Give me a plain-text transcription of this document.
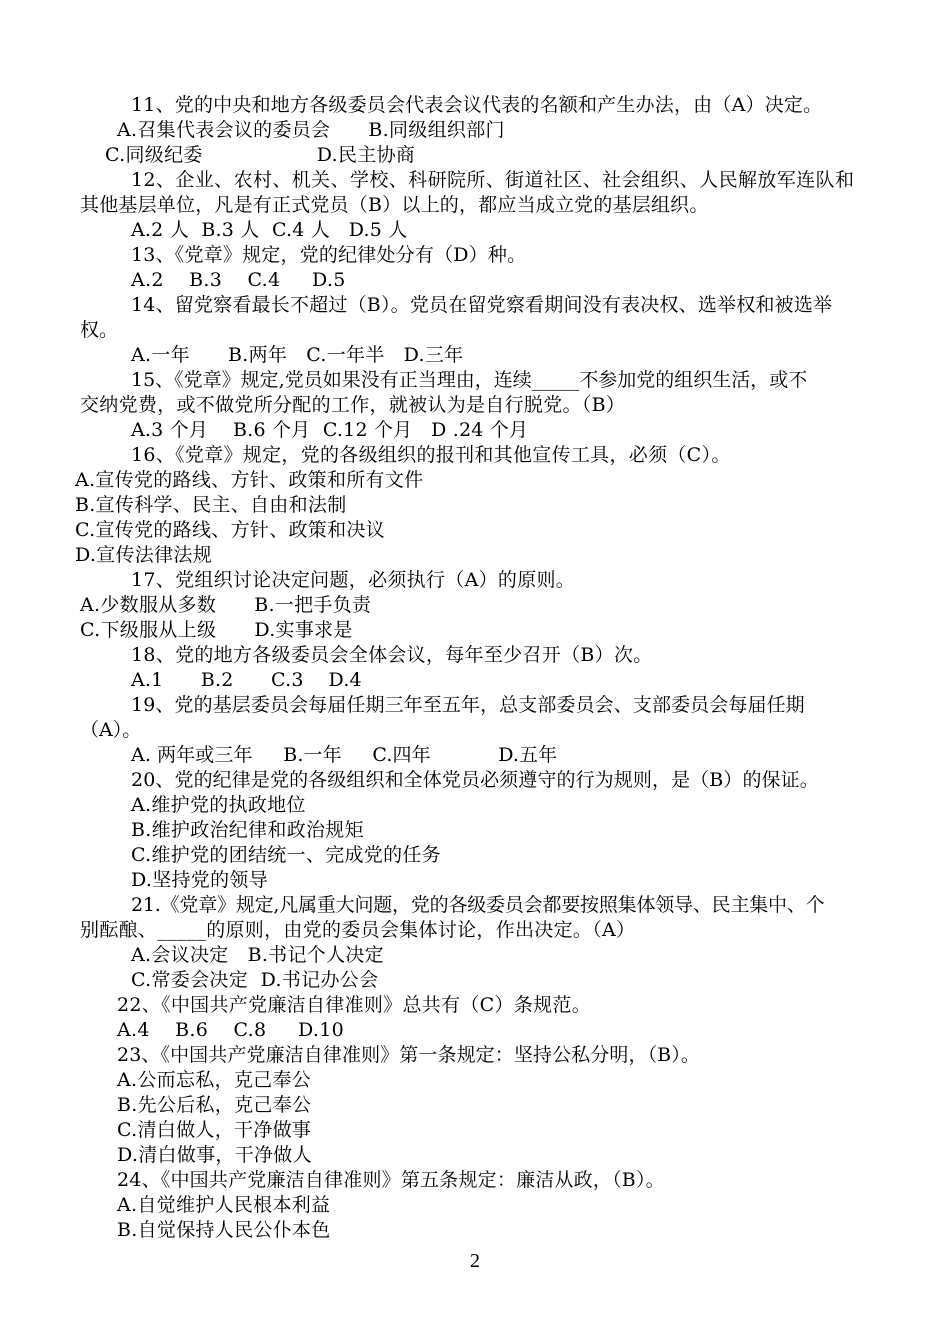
11、党的中央和地方各级委员会代表会议代表的名额和产生办法，由（A）决定。
A.召集代表会议的委员会      B.同级组织部门
C.同级纪委                  D.民主协商
12、企业、农村、机关、学校、科研院所、街道社区、社会组织、人民解放军连队和
其他基层单位，凡是有正式党员（B）以上的，都应当成立党的基层组织。
A.2 人  B.3 人  C.4 人   D.5 人
13、《党章》规定，党的纪律处分有（D）种。
A.2    B.3    C.4     D.5
14、留党察看最长不超过（B）。党员在留党察看期间没有表决权、选举权和被选举
权。
A.一年      B.两年   C.一年半   D.三年
15、《党章》规定,党员如果没有正当理由，连续_____不参加党的组织生活，或不
交纳党费，或不做党所分配的工作，就被认为是自行脱党。（B）
A.3 个月    B.6 个月  C.12 个月   D .24 个月
16、《党章》规定，党的各级组织的报刊和其他宣传工具，必须（C）。
A.宣传党的路线、方针、政策和所有文件
B.宣传科学、民主、自由和法制
C.宣传党的路线、方针、政策和决议
D.宣传法律法规
17、党组织讨论决定问题，必须执行（A）的原则。
A.少数服从多数      B.一把手负责
C.下级服从上级      D.实事求是
18、党的地方各级委员会全体会议，每年至少召开（B）次。
A.1      B.2      C.3    D.4
19、党的基层委员会每届任期三年至五年，总支部委员会、支部委员会每届任期
（A）。
A. 两年或三年     B.一年     C.四年           D.五年
20、党的纪律是党的各级组织和全体党员必须遵守的行为规则，是（B）的保证。
A.维护党的执政地位
B.维护政治纪律和政治规矩
C.维护党的团结统一、完成党的任务
D.坚持党的领导
21.《党章》规定,凡属重大问题，党的各级委员会都要按照集体领导、民主集中、个
别酝酿、_____的原则，由党的委员会集体讨论，作出决定。（A）
A.会议决定   B.书记个人决定
C.常委会决定  D.书记办公会
22、《中国共产党廉洁自律准则》总共有（C）条规范。
A.4    B.6    C.8     D.10
23、《中国共产党廉洁自律准则》第一条规定：坚持公私分明，（B）。
A.公而忘私，克己奉公
B.先公后私，克己奉公
C.清白做人，干净做事
D.清白做事，干净做人
24、《中国共产党廉洁自律准则》第五条规定：廉洁从政，（B）。
A.自觉维护人民根本利益
B.自觉保持人民公仆本色
2
